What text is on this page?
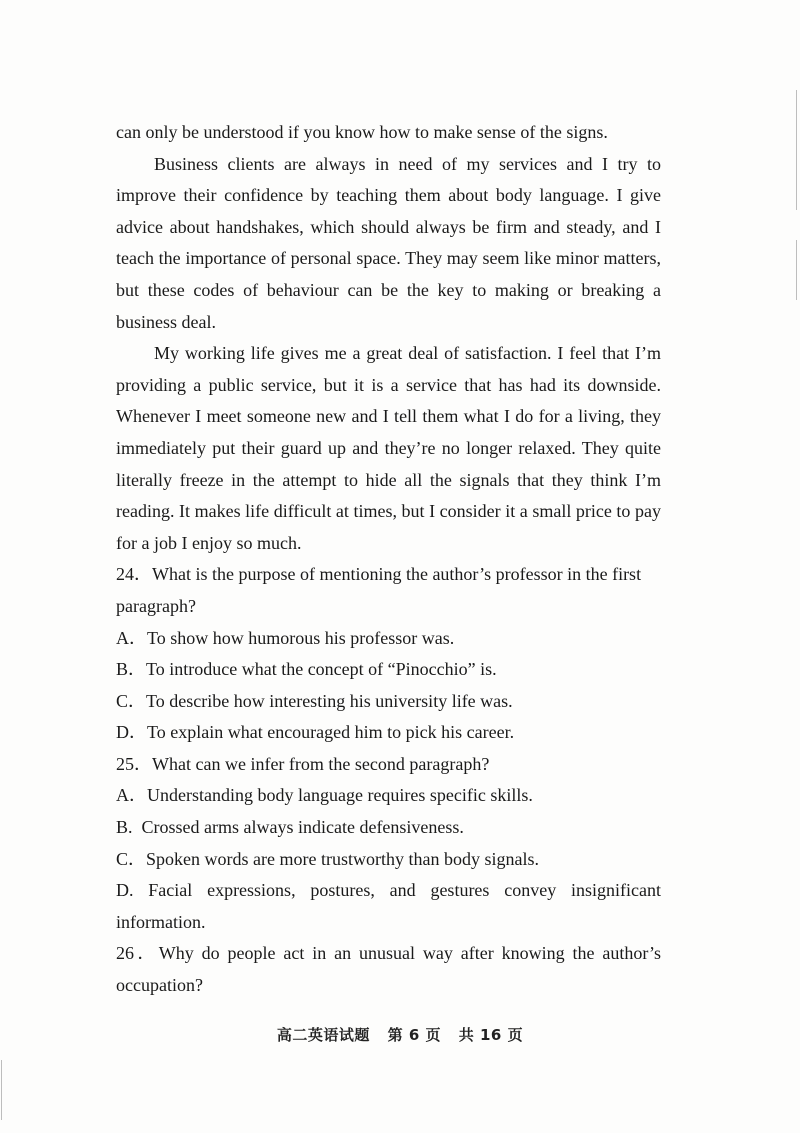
can only be understood if you know how to make sense of the signs.

Business clients are always in need of my services and I try to improve their confidence by teaching them about body language. I give advice about handshakes, which should always be firm and steady, and I teach the importance of personal space. They may seem like minor matters, but these codes of behaviour can be the key to making or breaking a business deal.

My working life gives me a great deal of satisfaction. I feel that I’m providing a public service, but it is a service that has had its downside. Whenever I meet someone new and I tell them what I do for a living, they immediately put their guard up and they’re no longer relaxed. They quite literally freeze in the attempt to hide all the signals that they think I’m reading. It makes life difficult at times, but I consider it a small price to pay for a job I enjoy so much.

24．What is the purpose of mentioning the author’s professor in the first paragraph?

A．To show how humorous his professor was.

B．To introduce what the concept of “Pinocchio” is.

C．To describe how interesting his university life was.

D．To explain what encouraged him to pick his career.

25．What can we infer from the second paragraph?

A．Understanding body language requires specific skills.

B.  Crossed arms always indicate defensiveness.

C．Spoken words are more trustworthy than body signals.

D. Facial expressions, postures, and gestures convey insignificant information.

26．Why do people act in an unusual way after knowing the author’s occupation?

高二英语试题 第 6 页 共 16 页
